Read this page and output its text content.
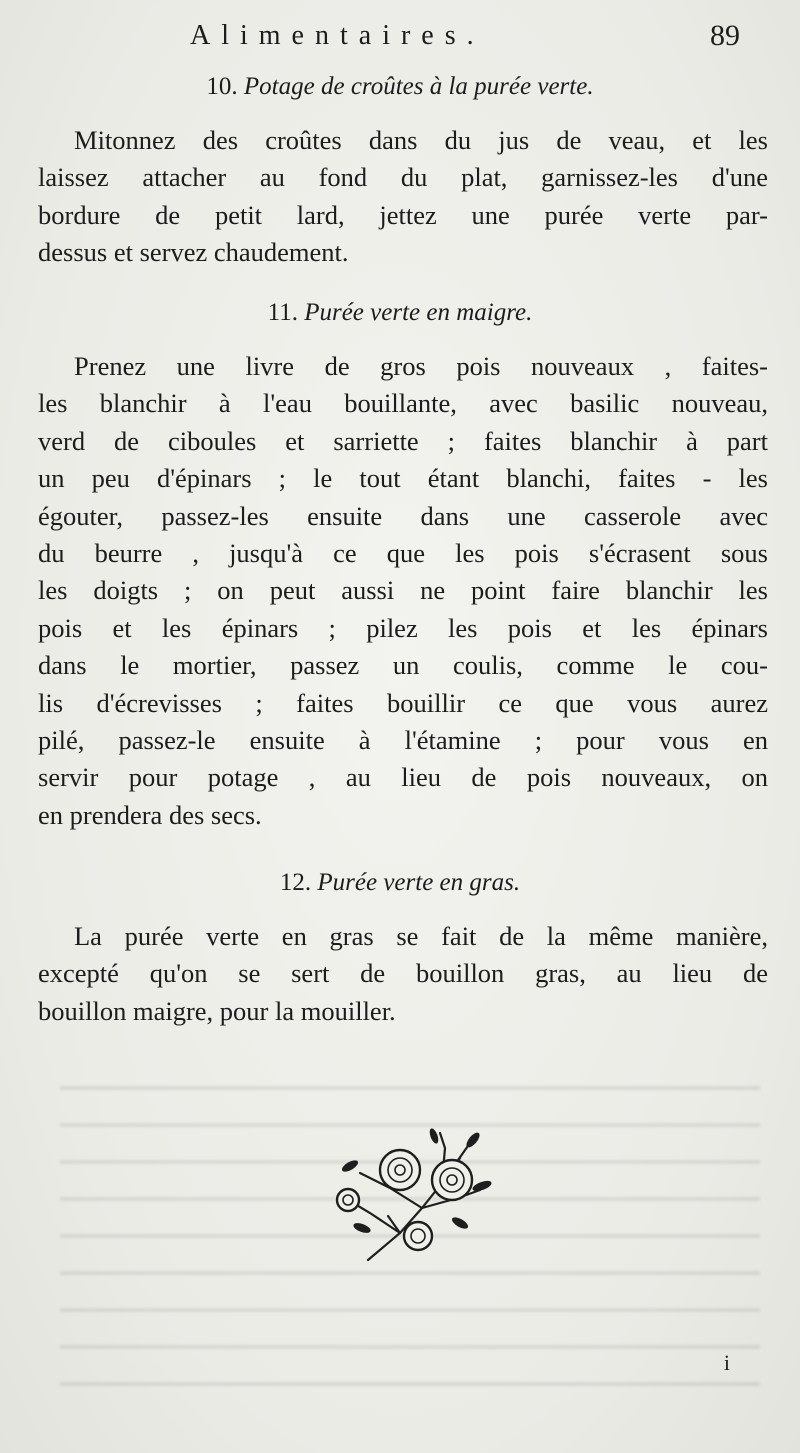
Alimentaires.	89
10. Potage de croûtes à la purée verte.
Mitonnez des croûtes dans du jus de veau, et les
laissez attacher au fond du plat, garnissez-les d'une
bordure de petit lard, jettez une purée verte par-
dessus et servez chaudement.
11. Purée verte en maigre.
Prenez une livre de gros pois nouveaux , faites-
les blanchir à l'eau bouillante, avec basilic nouveau,
verd de ciboules et sarriette ; faites blanchir à part
un peu d'épinars ; le tout étant blanchi, faites - les
égouter, passez-les ensuite dans une casserole avec
du beurre , jusqu'à ce que les pois s'écrasent sous
les doigts ; on peut aussi ne point faire blanchir les
pois et les épinars ; pilez les pois et les épinars
dans le mortier, passez un coulis, comme le cou-
lis d'écrevisses ; faites bouillir ce que vous aurez
pilé, passez-le ensuite à l'étamine ; pour vous en
servir pour potage , au lieu de pois nouveaux, on
en prendera des secs.
12. Purée verte en gras.
La purée verte en gras se fait de la même manière,
excepté qu'on se sert de bouillon gras, au lieu de
bouillon maigre, pour la mouiller.
i
